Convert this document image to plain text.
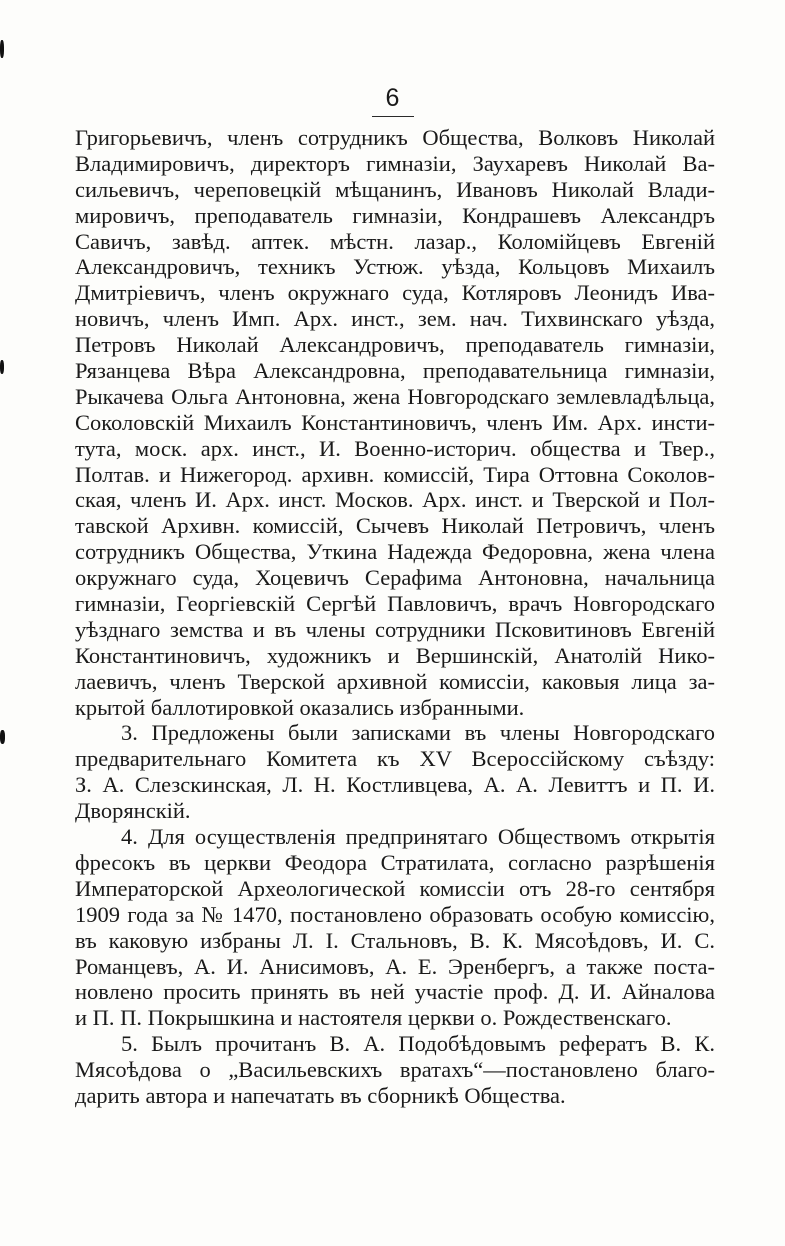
6
Григорьевичъ, членъ сотрудникъ Общества, Волковъ Николай
Владимировичъ, директоръ гимназіи, Заухаревъ Николай Ва-
сильевичъ, череповецкій мѣщанинъ, Ивановъ Николай Влади-
мировичъ, преподаватель гимназіи, Кондрашевъ Александръ
Савичъ, завѣд. аптек. мѣстн. лазар., Коломійцевъ Евгеній
Александровичъ, техникъ Устюж. уѣзда, Кольцовъ Михаилъ
Дмитріевичъ, членъ окружнаго суда, Котляровъ Леонидъ Ива-
новичъ, членъ Имп. Арх. инст., зем. нач. Тихвинскаго уѣзда,
Петровъ Николай Александровичъ, преподаватель гимназіи,
Рязанцева Вѣра Александровна, преподавательница гимназіи,
Рыкачева Ольга Антоновна, жена Новгородскаго землевладѣльца,
Соколовскій Михаилъ Константиновичъ, членъ Им. Арх. инсти-
тута, моск. арх. инст., И. Военно-историч. общества и Твер.,
Полтав. и Нижегород. архивн. комиссій, Тира Оттовна Соколов-
ская, членъ И. Арх. инст. Москов. Арх. инст. и Тверской и Пол-
тавской Архивн. комиссій, Сычевъ Николай Петровичъ, членъ
сотрудникъ Общества, Уткина Надежда Федоровна, жена члена
окружнаго суда, Хоцевичъ Серафима Антоновна, начальница
гимназіи, Георгіевскій Сергѣй Павловичъ, врачъ Новгородскаго
уѣзднаго земства и въ члены сотрудники Псковитиновъ Евгеній
Константиновичъ, художникъ и Вершинскій, Анатолій Нико-
лаевичъ, членъ Тверской архивной комиссіи, каковыя лица за-
крытой баллотировкой оказались избранными.
3. Предложены были записками въ члены Новгородскаго
предварительнаго Комитета къ XV Всероссійскому съѣзду:
З. А. Слезскинская, Л. Н. Костливцева, А. А. Левиттъ и П. И.
Дворянскій.
4. Для осуществленія предпринятаго Обществомъ открытія
фресокъ въ церкви Феодора Стратилата, согласно разрѣшенія
Императорской Археологической комиссіи отъ 28-го сентября
1909 года за № 1470, постановлено образовать особую комиссію,
въ каковую избраны Л. І. Стальновъ, В. К. Мясоѣдовъ, И. С.
Романцевъ, А. И. Анисимовъ, А. Е. Эренбергъ, а также поста-
новлено просить принять въ ней участіе проф. Д. И. Айналова
и П. П. Покрышкина и настоятеля церкви о. Рождественскаго.
5. Былъ прочитанъ В. А. Подобѣдовымъ рефератъ В. К.
Мясоѣдова о „Васильевскихъ вратахъ“—постановлено благо-
дарить автора и напечатать въ сборникѣ Общества.
